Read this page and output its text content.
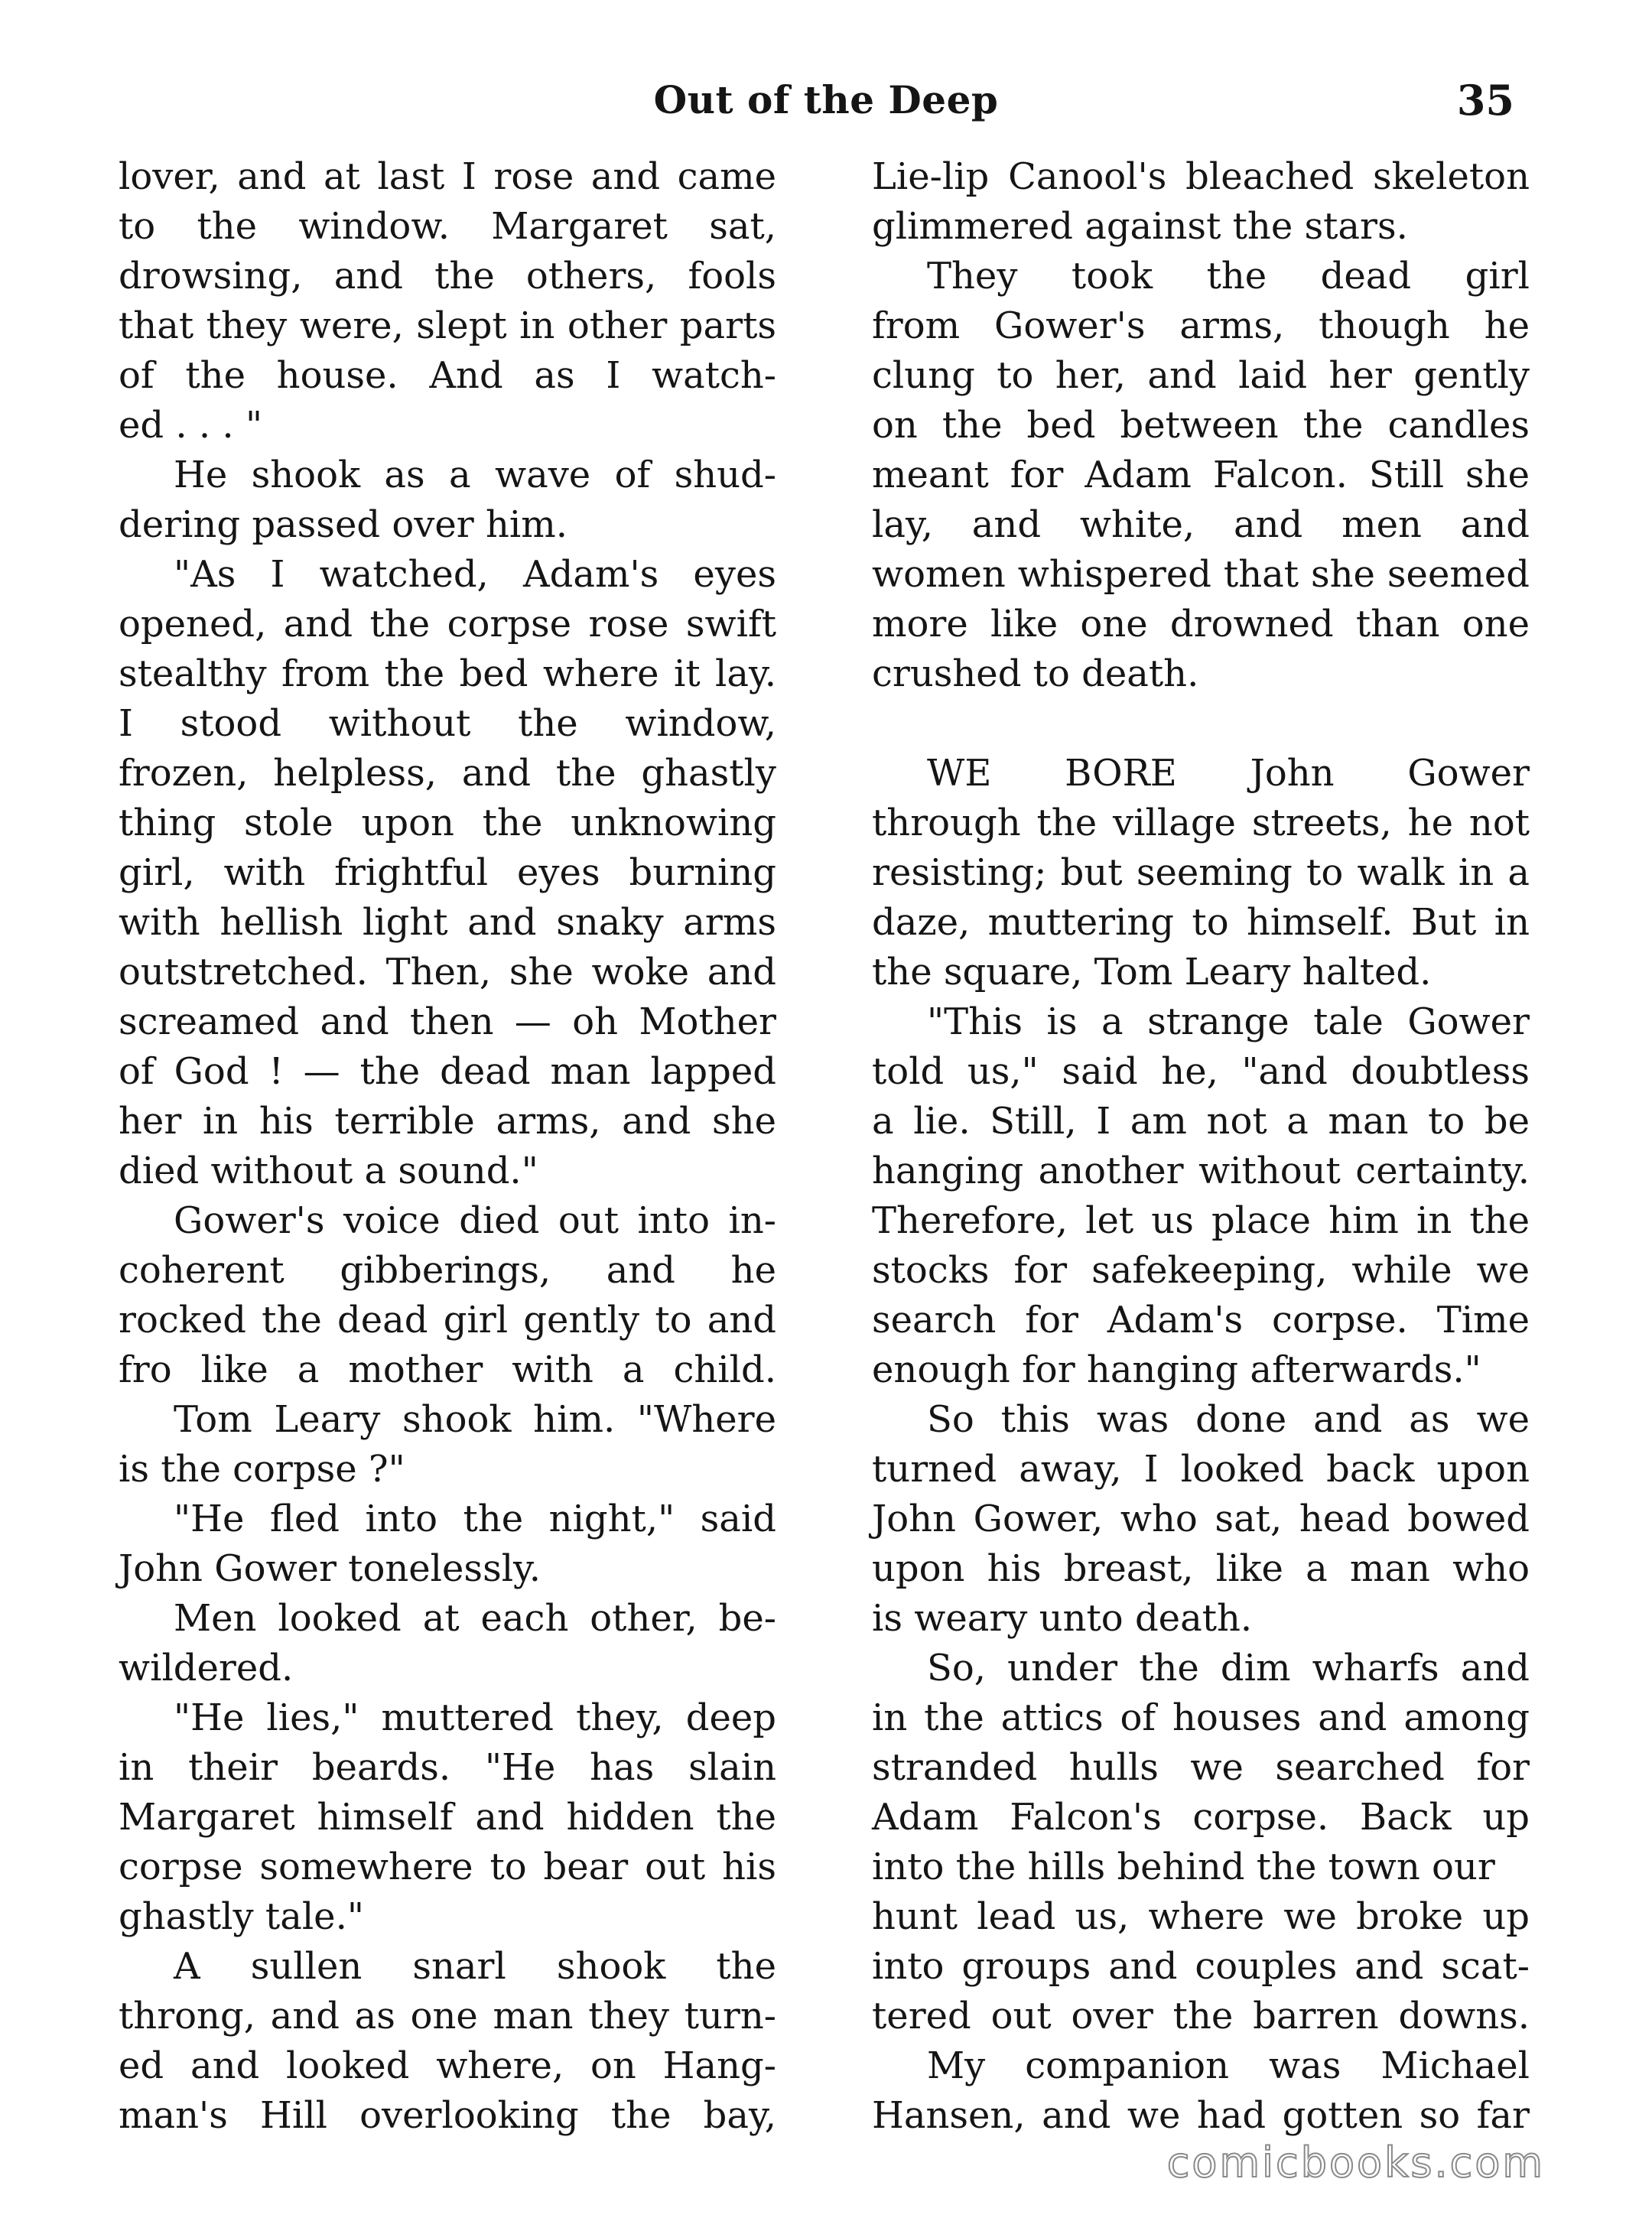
Out of the Deep	35
lover, and at last I rose and came
to the window. Margaret sat,
drowsing, and the others, fools
that they were, slept in other parts
of the house. And as I watch-
ed . . . "
He shook as a wave of shud-
dering passed over him.
"As I watched, Adam's eyes
opened, and the corpse rose swift
stealthy from the bed where it lay.
I stood without the window,
frozen, helpless, and the ghastly
thing stole upon the unknowing
girl, with frightful eyes burning
with hellish light and snaky arms
outstretched. Then, she woke and
screamed and then — oh Mother
of God ! — the dead man lapped
her in his terrible arms, and she
died without a sound."
Gower's voice died out into in-
coherent gibberings, and he
rocked the dead girl gently to and
fro like a mother with a child.
Tom Leary shook him. "Where
is the corpse ?"
"He fled into the night," said
John Gower tonelessly.
Men looked at each other, be-
wildered.
"He lies," muttered they, deep
in their beards. "He has slain
Margaret himself and hidden the
corpse somewhere to bear out his
ghastly tale."
A sullen snarl shook the
throng, and as one man they turn-
ed and looked where, on Hang-
man's Hill overlooking the bay,
Lie-lip Canool's bleached skeleton
glimmered against the stars.
They took the dead girl
from Gower's arms, though he
clung to her, and laid her gently
on the bed between the candles
meant for Adam Falcon. Still she
lay, and white, and men and
women whispered that she seemed
more like one drowned than one
crushed to death.
WE BORE John Gower
through the village streets, he not
resisting; but seeming to walk in a
daze, muttering to himself. But in
the square, Tom Leary halted.
"This is a strange tale Gower
told us," said he, "and doubtless
a lie. Still, I am not a man to be
hanging another without certainty.
Therefore, let us place him in the
stocks for safekeeping, while we
search for Adam's corpse. Time
enough for hanging afterwards."
So this was done and as we
turned away, I looked back upon
John Gower, who sat, head bowed
upon his breast, like a man who
is weary unto death.
So, under the dim wharfs and
in the attics of houses and among
stranded hulls we searched for
Adam Falcon's corpse. Back up
into the hills behind the town our
hunt lead us, where we broke up
into groups and couples and scat-
tered out over the barren downs.
My companion was Michael
Hansen, and we had gotten so far
comicbooks.com
